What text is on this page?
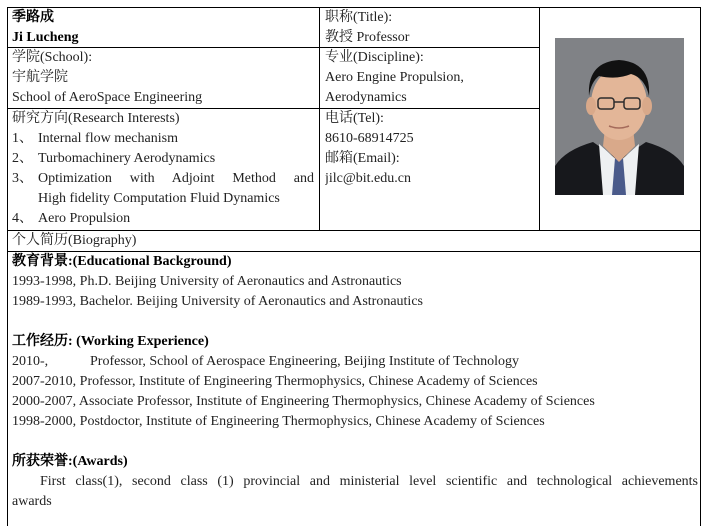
季路成
Ji Lucheng
职称(Title):
教授 Professor
学院(School):
宇航学院
School of AeroSpace Engineering
专业(Discipline):
Aero Engine Propulsion,
Aerodynamics
研究方向(Research Interests)
1、 Internal flow mechanism
2、 Turbomachinery Aerodynamics
3、 Optimization with Adjoint Method and
High fidelity Computation Fluid Dynamics
4、 Aero Propulsion
电话(Tel):
8610-68914725
邮箱(Email):
jilc@bit.edu.cn
个人简历(Biography)
教育背景:(Educational Background)
1993-1998, Ph.D. Beijing University of Aeronautics and Astronautics
1989-1993, Bachelor. Beijing University of Aeronautics and Astronautics
工作经历: (Working Experience)
2010-,	Professor, School of Aerospace Engineering, Beijing Institute of Technology
2007-2010, Professor, Institute of Engineering Thermophysics, Chinese Academy of Sciences
2000-2007, Associate Professor, Institute of Engineering Thermophysics, Chinese Academy of Sciences
1998-2000, Postdoctor, Institute of Engineering Thermophysics, Chinese Academy of Sciences
所获荣誉:(Awards)
First class(1), second class (1) provincial and ministerial level scientific and technological achievements
awards
